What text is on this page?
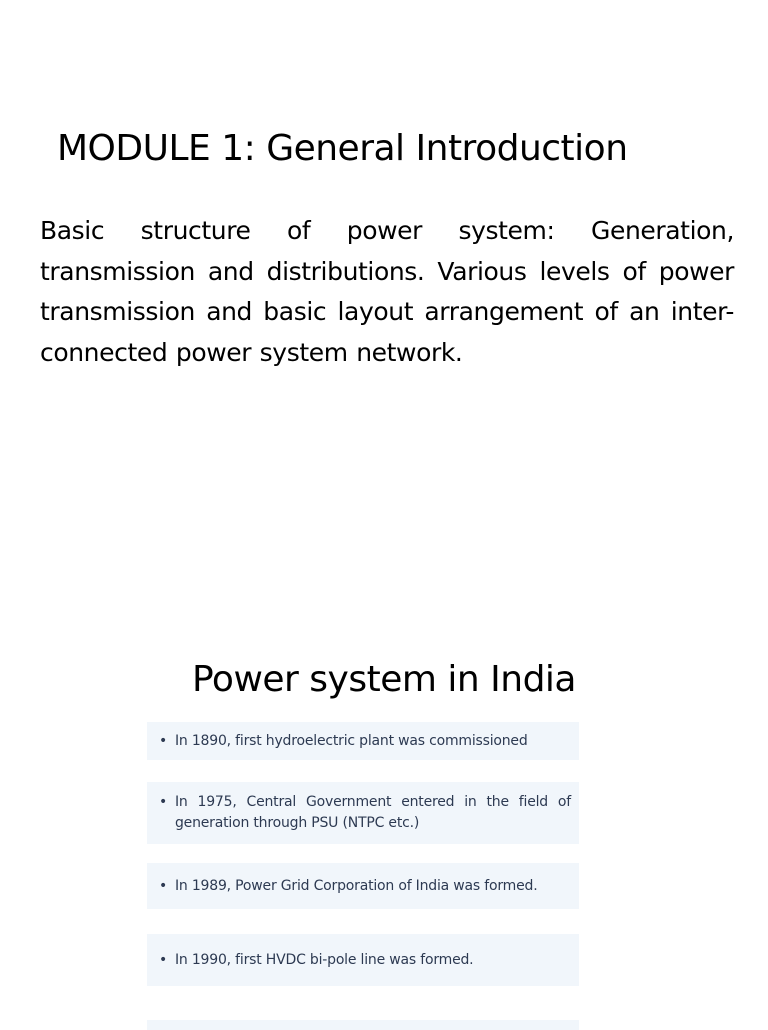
MODULE 1: General Introduction

Basic structure of power system: Generation, transmission and distributions. Various levels of power transmission and basic layout arrangement of an inter-connected power system network.

Power system in India
• In 1890, first hydroelectric plant was commissioned
• In 1975, Central Government entered in the field of generation through PSU (NTPC etc.)
• In 1989, Power Grid Corporation of India was formed.
• In 1990, first HVDC bi-pole line was formed.
